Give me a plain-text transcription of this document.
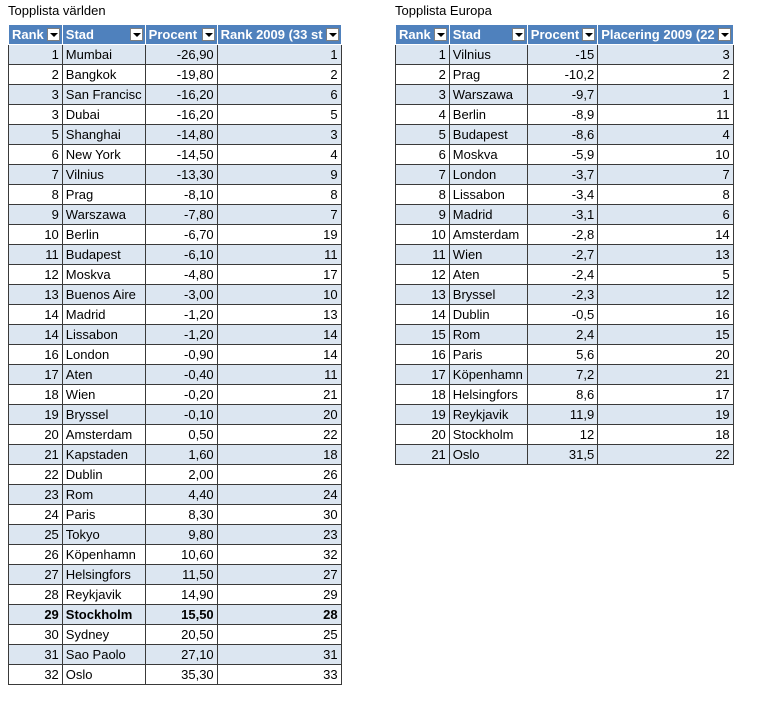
Topplista världen
Rank	Stad	Procent	Rank 2009 (33 st

1	Mumbai	-26,90	1
2	Bangkok	-19,80	2
3	San Francisc	-16,20	6
3	Dubai	-16,20	5
5	Shanghai	-14,80	3
6	New York	-14,50	4
7	Vilnius	-13,30	9
8	Prag	-8,10	8
9	Warszawa	-7,80	7
10	Berlin	-6,70	19
11	Budapest	-6,10	11
12	Moskva	-4,80	17
13	Buenos Aire	-3,00	10
14	Madrid	-1,20	13
14	Lissabon	-1,20	14
16	London	-0,90	14
17	Aten	-0,40	11
18	Wien	-0,20	21
19	Bryssel	-0,10	20
20	Amsterdam	0,50	22
21	Kapstaden	1,60	18
22	Dublin	2,00	26
23	Rom	4,40	24
24	Paris	8,30	30
25	Tokyo	9,80	23
26	Köpenhamn	10,60	32
27	Helsingfors	11,50	27
28	Reykjavik	14,90	29
29	Stockholm	15,50	28
30	Sydney	20,50	25
31	Sao Paolo	27,10	31
32	Oslo	35,30	33
Topplista Europa
Rank	Stad	Procent	Placering 2009 (22

1	Vilnius	-15	3
2	Prag	-10,2	2
3	Warszawa	-9,7	1
4	Berlin	-8,9	11
5	Budapest	-8,6	4
6	Moskva	-5,9	10
7	London	-3,7	7
8	Lissabon	-3,4	8
9	Madrid	-3,1	6
10	Amsterdam	-2,8	14
11	Wien	-2,7	13
12	Aten	-2,4	5
13	Bryssel	-2,3	12
14	Dublin	-0,5	16
15	Rom	2,4	15
16	Paris	5,6	20
17	Köpenhamn	7,2	21
18	Helsingfors	8,6	17
19	Reykjavik	11,9	19
20	Stockholm	12	18
21	Oslo	31,5	22
